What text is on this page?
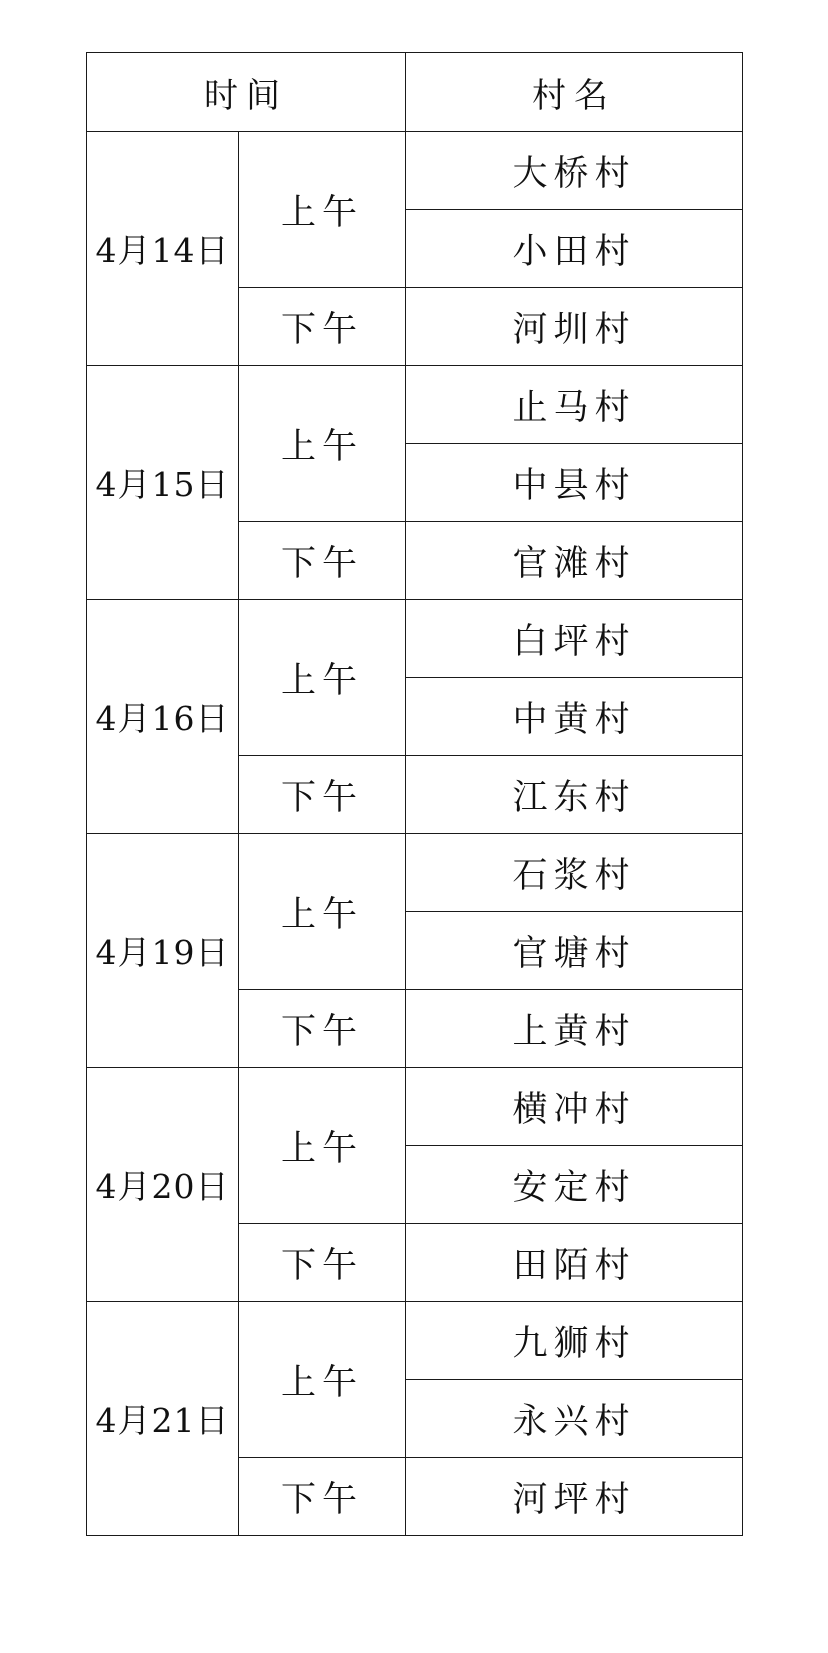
时间		村名
4月14日	上午	大桥村
		小田村
	下午	河圳村
4月15日	上午	止马村
		中县村
	下午	官滩村
4月16日	上午	白坪村
		中黄村
	下午	江东村
4月19日	上午	石浆村
		官塘村
	下午	上黄村
4月20日	上午	横冲村
		安定村
	下午	田陌村
4月21日	上午	九狮村
		永兴村
	下午	河坪村
